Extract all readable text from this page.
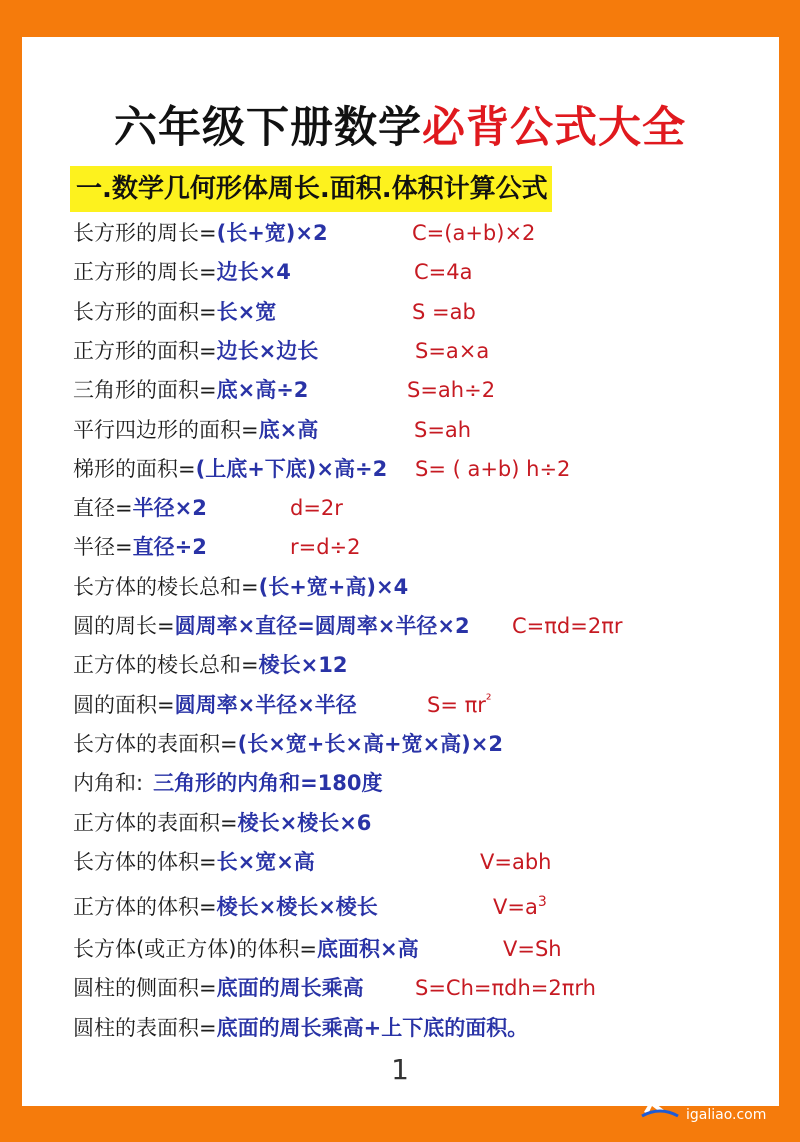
六年级下册数学必背公式大全
一.数学几何形体周长.面积.体积计算公式
长方形的周长=(长+宽)×2	C=(a+b)×2
正方形的周长=边长×4	C=4a
长方形的面积=长×宽	S =ab
正方形的面积=边长×边长	S=a×a
三角形的面积=底×高÷2	S=ah÷2
平行四边形的面积=底×高	S=ah
梯形的面积=(上底+下底)×高÷2 S= ( a+b) h÷2
直径=半径×2	d=2r
半径=直径÷2	r=d÷2
长方体的棱长总和=(长+宽+高)×4
圆的周长=圆周率×直径=圆周率×半径×2 C=πd=2πr
正方体的棱长总和=棱长×12
圆的面积=圆周率×半径×半径	$S= \pi r^{^2}$
长方体的表面积=(长×宽+长×高+宽×高)×2
内角和: 三角形的内角和=180度
正方体的表面积=棱长×棱长×6
长方体的体积=长×宽×高	V=abh
正方体的体积=棱长×棱长×棱长	$V=a^3$
长方体(或正方体)的体积=底面积×高	V=Sh
圆柱的侧面积=底面的周长乘高 S=Ch=πdh=2πrh
圆柱的表面积=底面的周长乘高+上下底的面积。
1
爱·尬聊
igaliao.com
